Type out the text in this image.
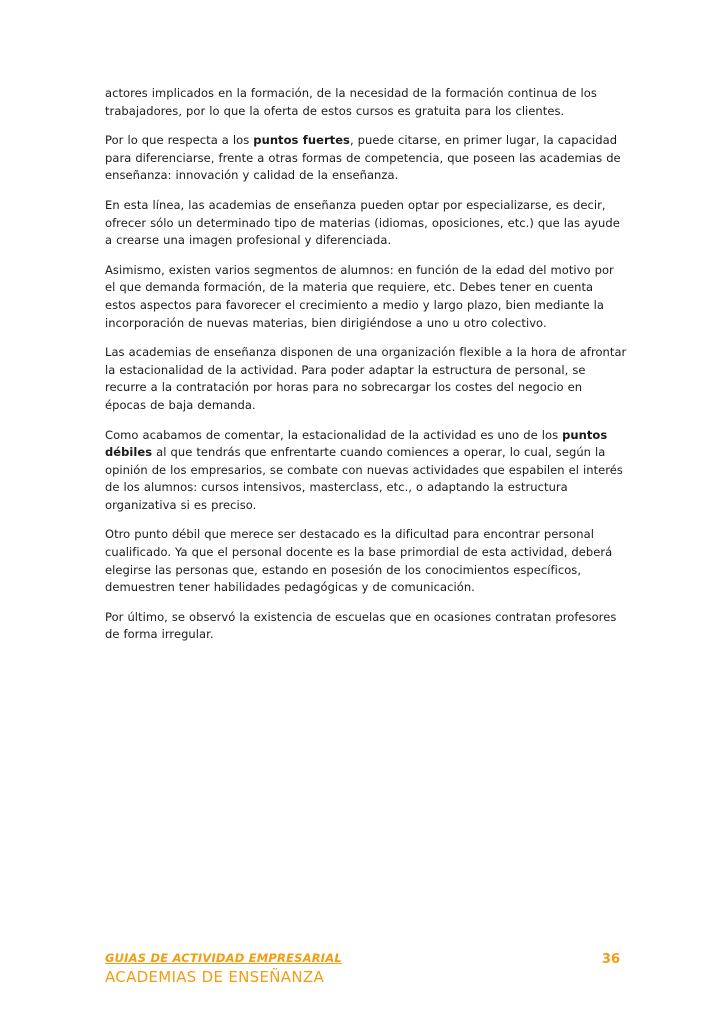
actores implicados en la formación, de la necesidad de la formación continua de los trabajadores, por lo que la oferta de estos cursos es gratuita para los clientes.

Por lo que respecta a los puntos fuertes, puede citarse, en primer lugar, la capacidad para diferenciarse, frente a otras formas de competencia, que poseen las academias de enseñanza: innovación y calidad de la enseñanza.

En esta línea, las academias de enseñanza pueden optar por especializarse, es decir, ofrecer sólo un determinado tipo de materias (idiomas, oposiciones, etc.) que las ayude a crearse una imagen profesional y diferenciada.

Asimismo, existen varios segmentos de alumnos: en función de la edad del motivo por el que demanda formación, de la materia que requiere, etc. Debes tener en cuenta estos aspectos para favorecer el crecimiento a medio y largo plazo, bien mediante la incorporación de nuevas materias, bien dirigiéndose a uno u otro colectivo.

Las academias de enseñanza disponen de una organización flexible a la hora de afrontar la estacionalidad de la actividad. Para poder adaptar la estructura de personal, se recurre a la contratación por horas para no sobrecargar los costes del negocio en épocas de baja demanda.

Como acabamos de comentar, la estacionalidad de la actividad es uno de los puntos débiles al que tendrás que enfrentarte cuando comiences a operar, lo cual, según la opinión de los empresarios, se combate con nuevas actividades que espabilen el interés de los alumnos: cursos intensivos, masterclass, etc., o adaptando la estructura organizativa si es preciso.

Otro punto débil que merece ser destacado es la dificultad para encontrar personal cualificado. Ya que el personal docente es la base primordial de esta actividad, deberá elegirse las personas que, estando en posesión de los conocimientos específicos, demuestren tener habilidades pedagógicas y de comunicación.

Por último, se observó la existencia de escuelas que en ocasiones contratan profesores de forma irregular.

GUIAS DE ACTIVIDAD EMPRESARIAL	36
ACADEMIAS DE ENSEÑANZA
